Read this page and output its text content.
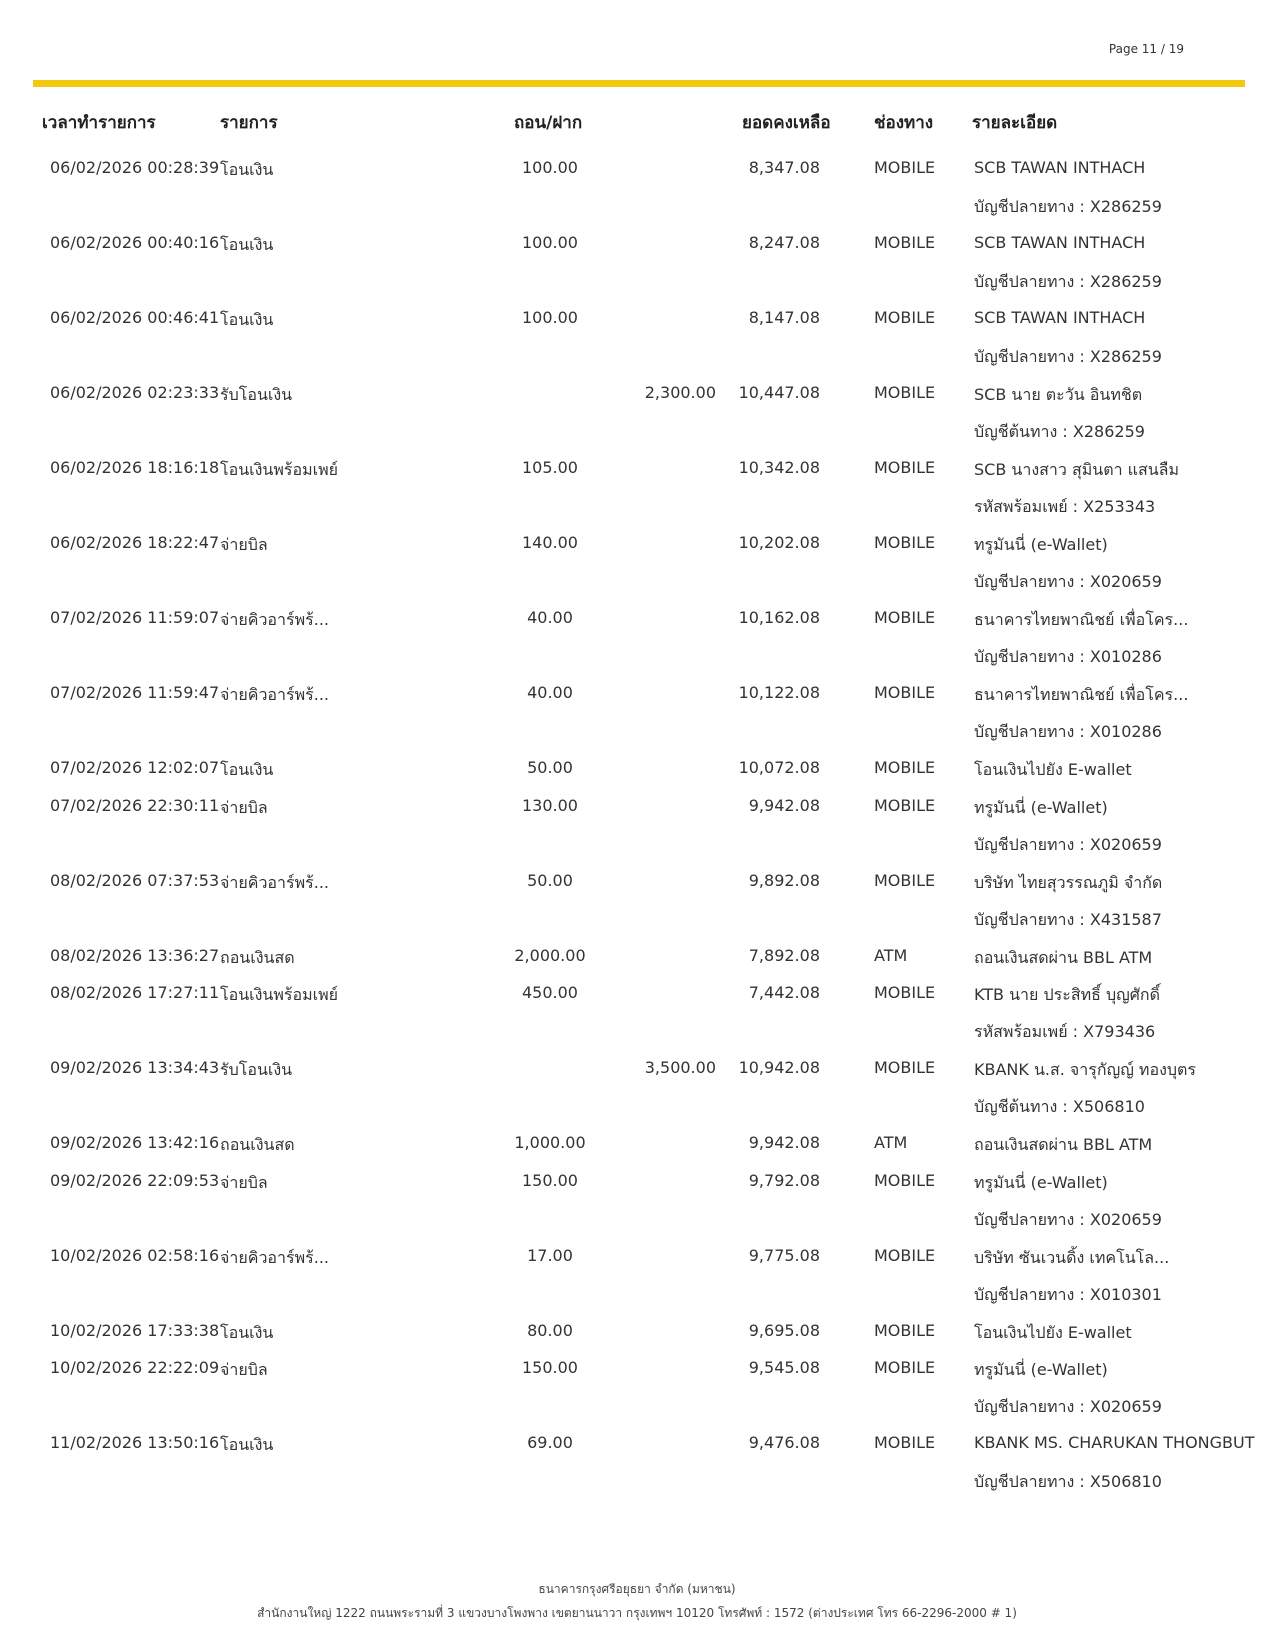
Page 11 / 19
เวลาทำรายการ	รายการ	ถอน/ฝาก	ยอดคงเหลือ	ช่องทาง รายละเอียด
06/02/2026 00:28:39 โอนเงิน	100.00	8,347.08	MOBILE SCB TAWAN INTHACH
บัญชีปลายทาง : X286259
06/02/2026 00:40:16 โอนเงิน	100.00	8,247.08	MOBILE SCB TAWAN INTHACH
บัญชีปลายทาง : X286259
06/02/2026 00:46:41 โอนเงิน	100.00	8,147.08	MOBILE SCB TAWAN INTHACH
บัญชีปลายทาง : X286259
06/02/2026 02:23:33 รับโอนเงิน	2,300.00	10,447.08	MOBILE SCB นาย ตะวัน อินทชิต
บัญชีต้นทาง : X286259
06/02/2026 18:16:18 โอนเงินพร้อมเพย์	105.00	10,342.08	MOBILE SCB นางสาว สุมินตา แสนลืม
รหัสพร้อมเพย์ : X253343
06/02/2026 18:22:47 จ่ายบิล	140.00	10,202.08	MOBILE ทรูมันนี่ (e-Wallet)
บัญชีปลายทาง : X020659
07/02/2026 11:59:07 จ่ายคิวอาร์พร้...	40.00	10,162.08	MOBILE ธนาคารไทยพาณิชย์ เพื่อโคร...
บัญชีปลายทาง : X010286
07/02/2026 11:59:47 จ่ายคิวอาร์พร้...	40.00	10,122.08	MOBILE ธนาคารไทยพาณิชย์ เพื่อโคร...
บัญชีปลายทาง : X010286
07/02/2026 12:02:07 โอนเงิน	50.00	10,072.08	MOBILE โอนเงินไปยัง E-wallet
07/02/2026 22:30:11 จ่ายบิล	130.00	9,942.08	MOBILE ทรูมันนี่ (e-Wallet)
บัญชีปลายทาง : X020659
08/02/2026 07:37:53 จ่ายคิวอาร์พร้...	50.00	9,892.08	MOBILE บริษัท ไทยสุวรรณภูมิ จำกัด
บัญชีปลายทาง : X431587
08/02/2026 13:36:27 ถอนเงินสด	2,000.00	7,892.08	ATM	ถอนเงินสดผ่าน BBL ATM
08/02/2026 17:27:11 โอนเงินพร้อมเพย์	450.00	7,442.08	MOBILE KTB นาย ประสิทธิ์ บุญศักดิ์
รหัสพร้อมเพย์ : X793436
09/02/2026 13:34:43 รับโอนเงิน	3,500.00	10,942.08	MOBILE KBANK น.ส. จารุกัญญ์ ทองบุตร
บัญชีต้นทาง : X506810
09/02/2026 13:42:16 ถอนเงินสด	1,000.00	9,942.08	ATM	ถอนเงินสดผ่าน BBL ATM
09/02/2026 22:09:53 จ่ายบิล	150.00	9,792.08	MOBILE ทรูมันนี่ (e-Wallet)
บัญชีปลายทาง : X020659
10/02/2026 02:58:16 จ่ายคิวอาร์พร้...	17.00	9,775.08	MOBILE บริษัท ซันเวนดิ้ง เทคโนโล...
บัญชีปลายทาง : X010301
10/02/2026 17:33:38 โอนเงิน	80.00	9,695.08	MOBILE โอนเงินไปยัง E-wallet
10/02/2026 22:22:09 จ่ายบิล	150.00	9,545.08	MOBILE ทรูมันนี่ (e-Wallet)
บัญชีปลายทาง : X020659
11/02/2026 13:50:16 โอนเงิน	69.00	9,476.08	MOBILE KBANK MS. CHARUKAN THONGBUT
บัญชีปลายทาง : X506810
ธนาคารกรุงศรีอยุธยา จำกัด (มหาชน)
สำนักงานใหญ่ 1222 ถนนพระรามที่ 3 แขวงบางโพงพาง เขตยานนาวา กรุงเทพฯ 10120 โทรศัพท์ : 1572 (ต่างประเทศ โทร 66-2296-2000 # 1)
